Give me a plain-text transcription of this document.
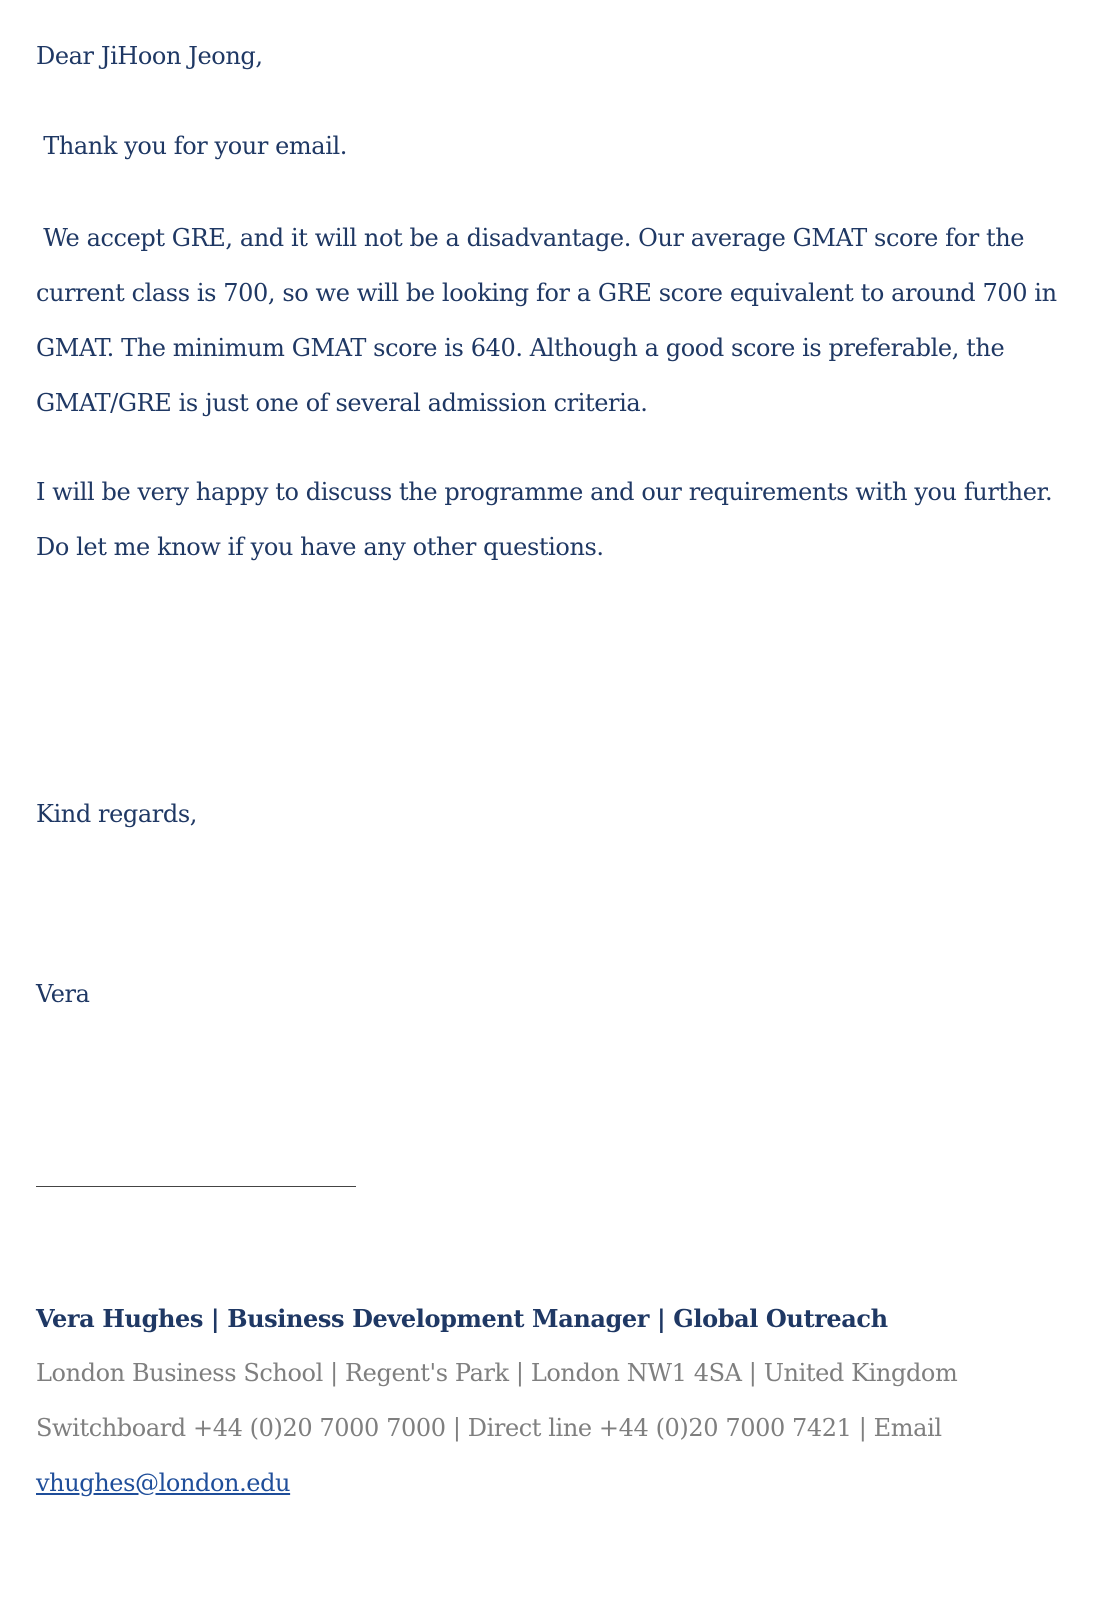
Dear JiHoon Jeong,
Thank you for your email.
We accept GRE, and it will not be a disadvantage. Our average GMAT score for the current class is 700, so we will be looking for a GRE score equivalent to around 700 in GMAT. The minimum GMAT score is 640. Although a good score is preferable, the GMAT/GRE is just one of several admission criteria.
I will be very happy to discuss the programme and our requirements with you further. Do let me know if you have any other questions.
Kind regards,
Vera
Vera Hughes | Business Development Manager | Global Outreach
London Business School | Regent's Park | London NW1 4SA | United Kingdom
Switchboard +44 (0)20 7000 7000 | Direct line +44 (0)20 7000 7421 | Email
vhughes@london.edu
